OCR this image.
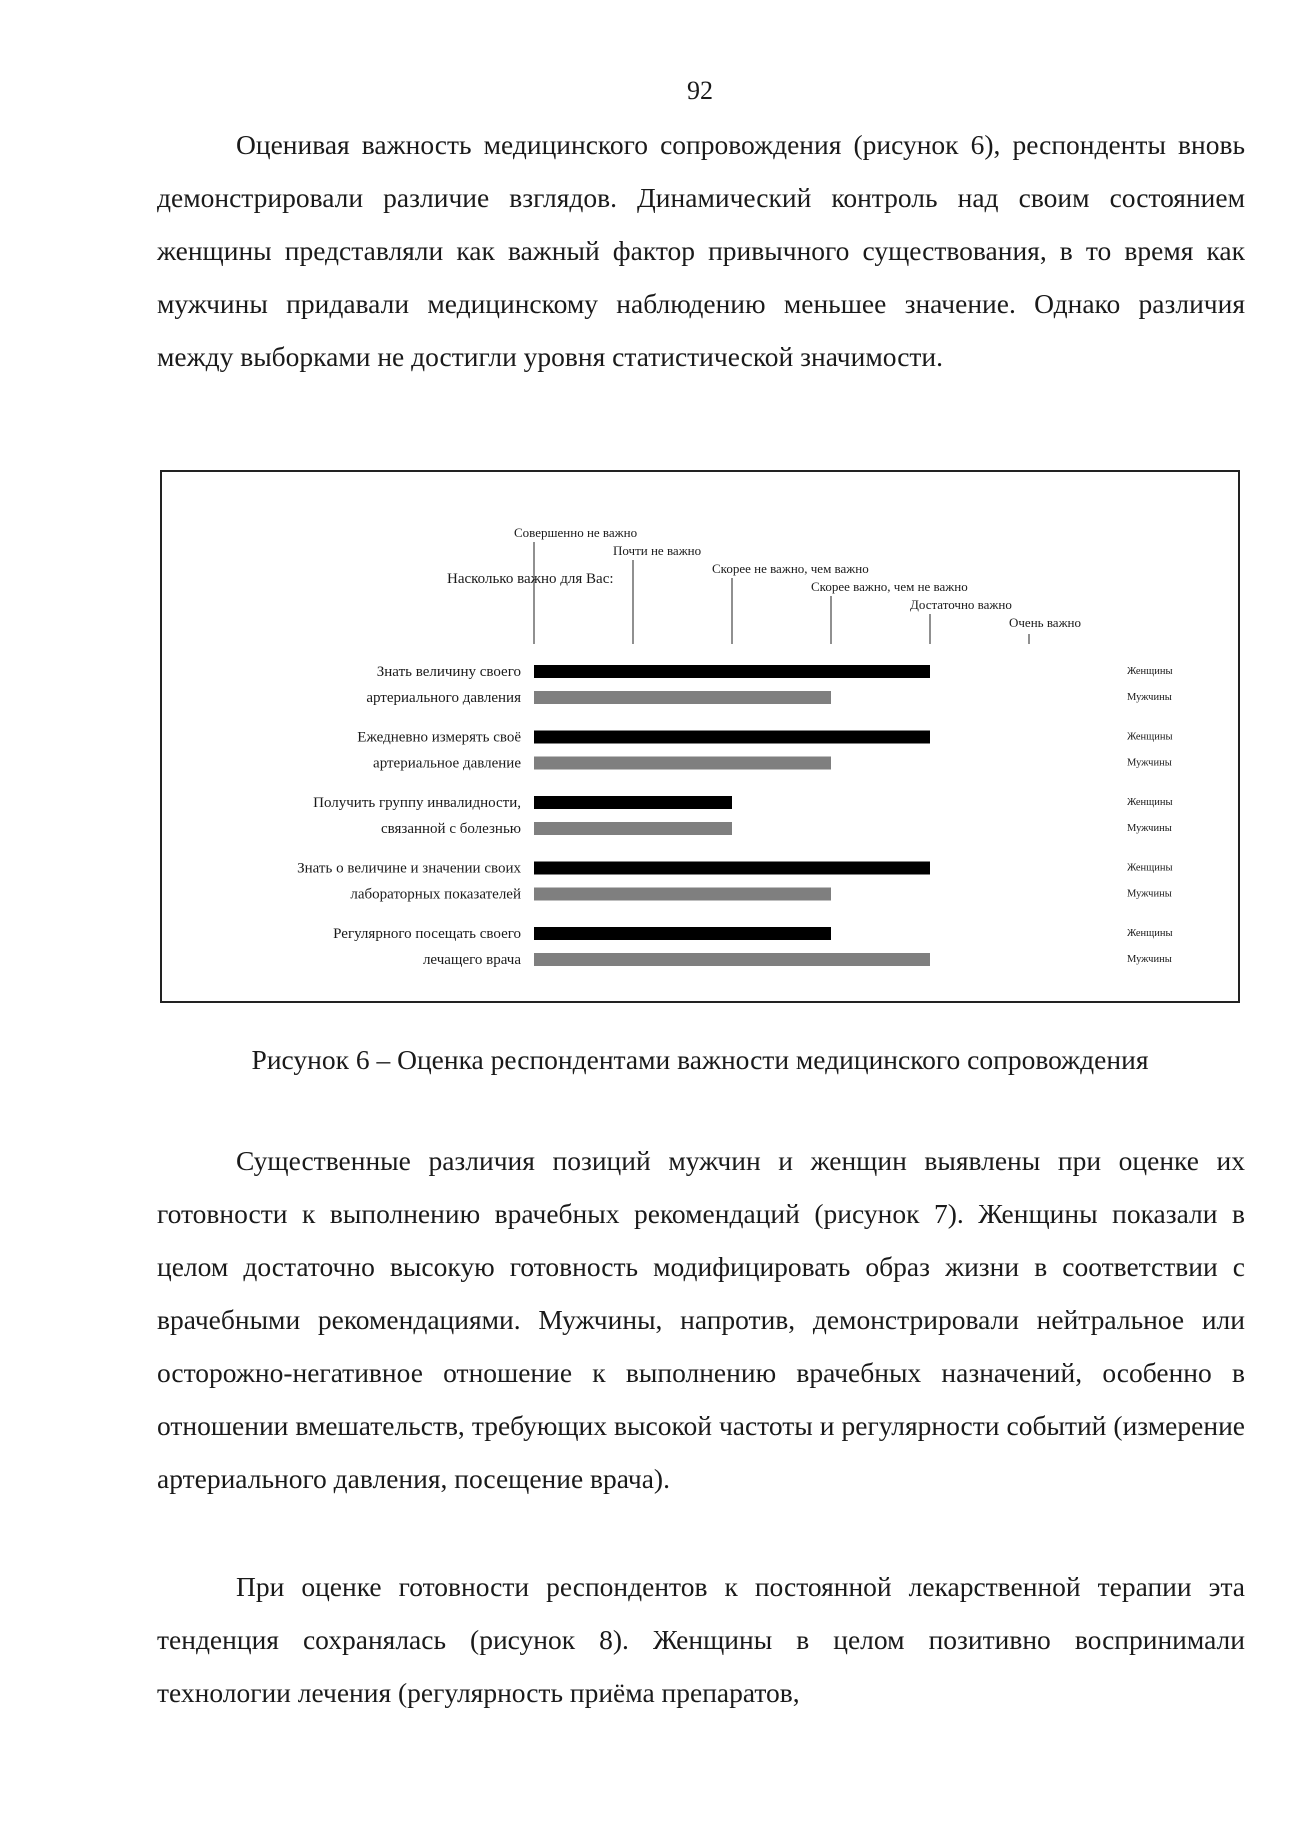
92

Оценивая важность медицинского сопровождения (рисунок 6), респонденты вновь демонстрировали различие взглядов. Динамический контроль над своим состоянием женщины представляли как важный фактор привычного существования, в то время как мужчины придавали медицинскому наблюдению меньшее значение. Однако различия между выборками не достигли уровня статистической значимости.

Насколько важно для Вас:
Совершенно не важно
Почти не важно
Скорее не важно, чем важно
Скорее важно, чем не важно
Достаточно важно
Очень важно
Знать величину своего
артериального давления
Женщины
Мужчины
Ежедневно измерять своё
артериальное давление
Женщины
Мужчины
Получить группу инвалидности,
связанной с болезнью
Женщины
Мужчины
Знать о величине и значении своих
лабораторных показателей
Женщины
Мужчины
Регулярного посещать своего
лечащего врача
Женщины
Мужчины
Рисунок 6 – Оценка респондентами важности медицинского сопровождения

Существенные различия позиций мужчин и женщин выявлены при оценке их готовности к выполнению врачебных рекомендаций (рисунок 7). Женщины показали в целом достаточно высокую готовность модифицировать образ жизни в соответствии с врачебными рекомендациями. Мужчины, напротив, демонстрировали нейтральное или осторожно-негативное отношение к выполнению врачебных назначений, особенно в отношении вмешательств, требующих высокой частоты и регулярности событий (измерение артериального давления, посещение врача).

При оценке готовности респондентов к постоянной лекарственной терапии эта тенденция сохранялась (рисунок 8). Женщины в целом позитивно воспринимали технологии лечения (регулярность приёма препаратов,
